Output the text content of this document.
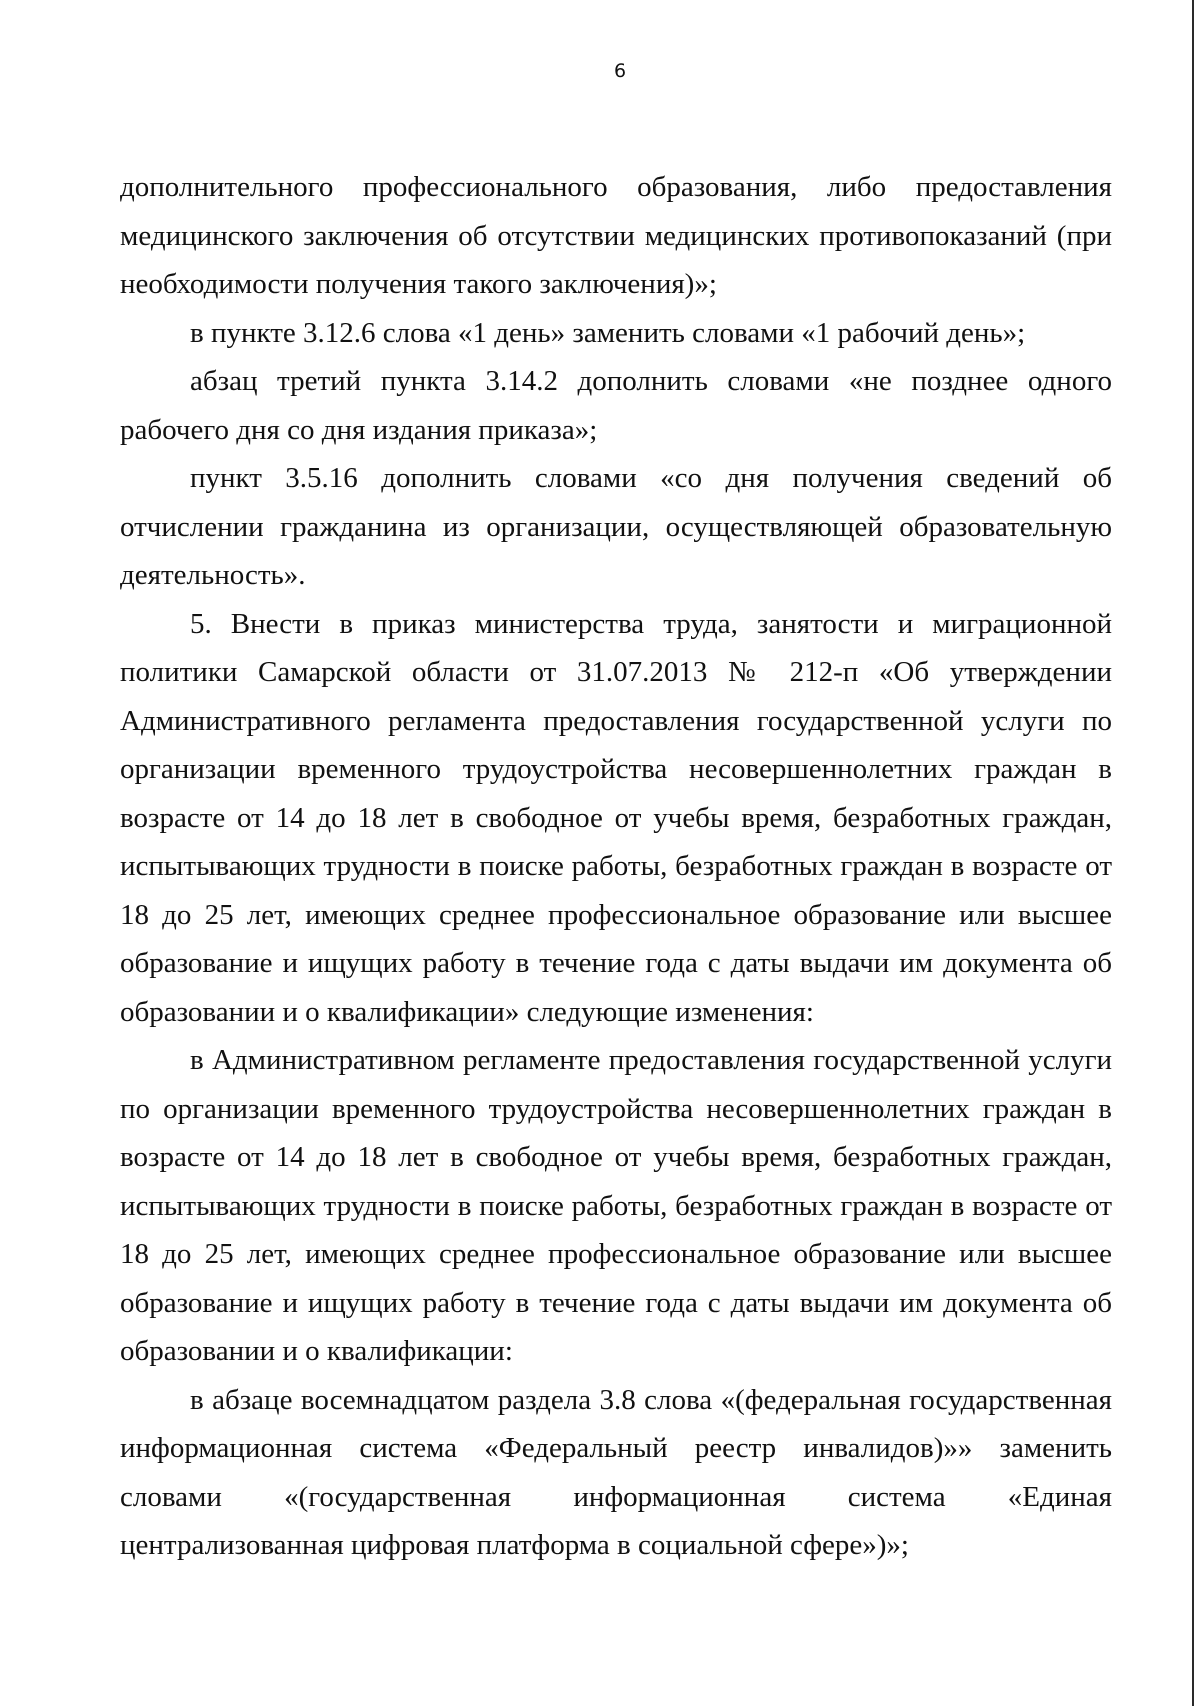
6

дополнительного профессионального образования, либо предоставления медицинского заключения об отсутствии медицинских противопоказаний (при необходимости получения такого заключения)»;

в пункте 3.12.6 слова «1 день» заменить словами «1 рабочий день»;

абзац третий пункта 3.14.2 дополнить словами «не позднее одного рабочего дня со дня издания приказа»;

пункт 3.5.16 дополнить словами «со дня получения сведений об отчислении гражданина из организации, осуществляющей образовательную деятельность».

5. Внести в приказ министерства труда, занятости и миграционной политики Самарской области от 31.07.2013 № 212-п «Об утверждении Административного регламента предоставления государственной услуги по организации временного трудоустройства несовершеннолетних граждан в возрасте от 14 до 18 лет в свободное от учебы время, безработных граждан, испытывающих трудности в поиске работы, безработных граждан в возрасте от 18 до 25 лет, имеющих среднее профессиональное образование или высшее образование и ищущих работу в течение года с даты выдачи им документа об образовании и о квалификации» следующие изменения:

в Административном регламенте предоставления государственной услуги по организации временного трудоустройства несовершеннолетних граждан в возрасте от 14 до 18 лет в свободное от учебы время, безработных граждан, испытывающих трудности в поиске работы, безработных граждан в возрасте от 18 до 25 лет, имеющих среднее профессиональное образование или высшее образование и ищущих работу в течение года с даты выдачи им документа об образовании и о квалификации:

в абзаце восемнадцатом раздела 3.8 слова «(федеральная государственная информационная система «Федеральный реестр инвалидов)»» заменить словами «(государственная информационная система «Единая централизованная цифровая платформа в социальной сфере»)»;
